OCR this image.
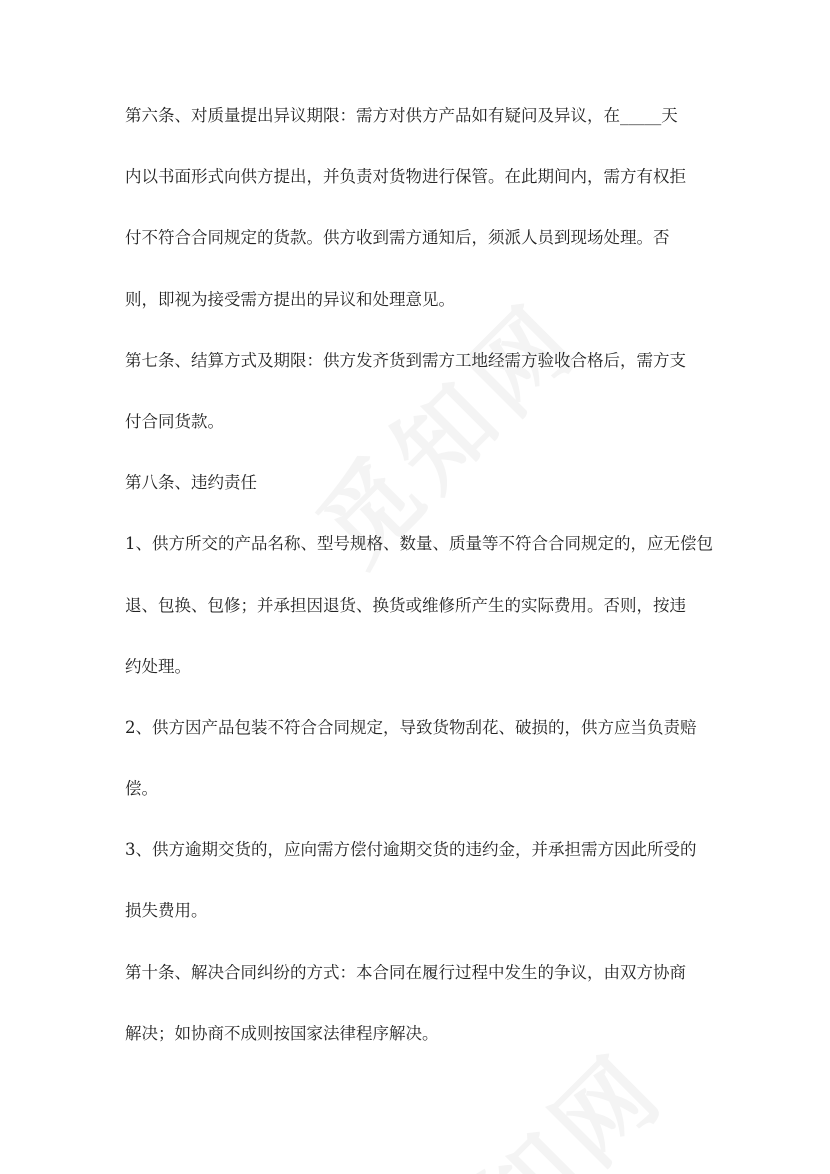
第六条、对质量提出异议期限：需方对供方产品如有疑问及异议，在_____天
内以书面形式向供方提出，并负责对货物进行保管。在此期间内，需方有权拒
付不符合合同规定的货款。供方收到需方通知后，须派人员到现场处理。否
则，即视为接受需方提出的异议和处理意见。
第七条、结算方式及期限：供方发齐货到需方工地经需方验收合格后，需方支
付合同货款。
第八条、违约责任
1、供方所交的产品名称、型号规格、数量、质量等不符合合同规定的，应无偿包
退、包换、包修；并承担因退货、换货或维修所产生的实际费用。否则，按违
约处理。
2、供方因产品包装不符合合同规定，导致货物刮花、破损的，供方应当负责赔
偿。
3、供方逾期交货的，应向需方偿付逾期交货的违约金，并承担需方因此所受的
损失费用。
第十条、解决合同纠纷的方式：本合同在履行过程中发生的争议，由双方协商
解决；如协商不成则按国家法律程序解决。
